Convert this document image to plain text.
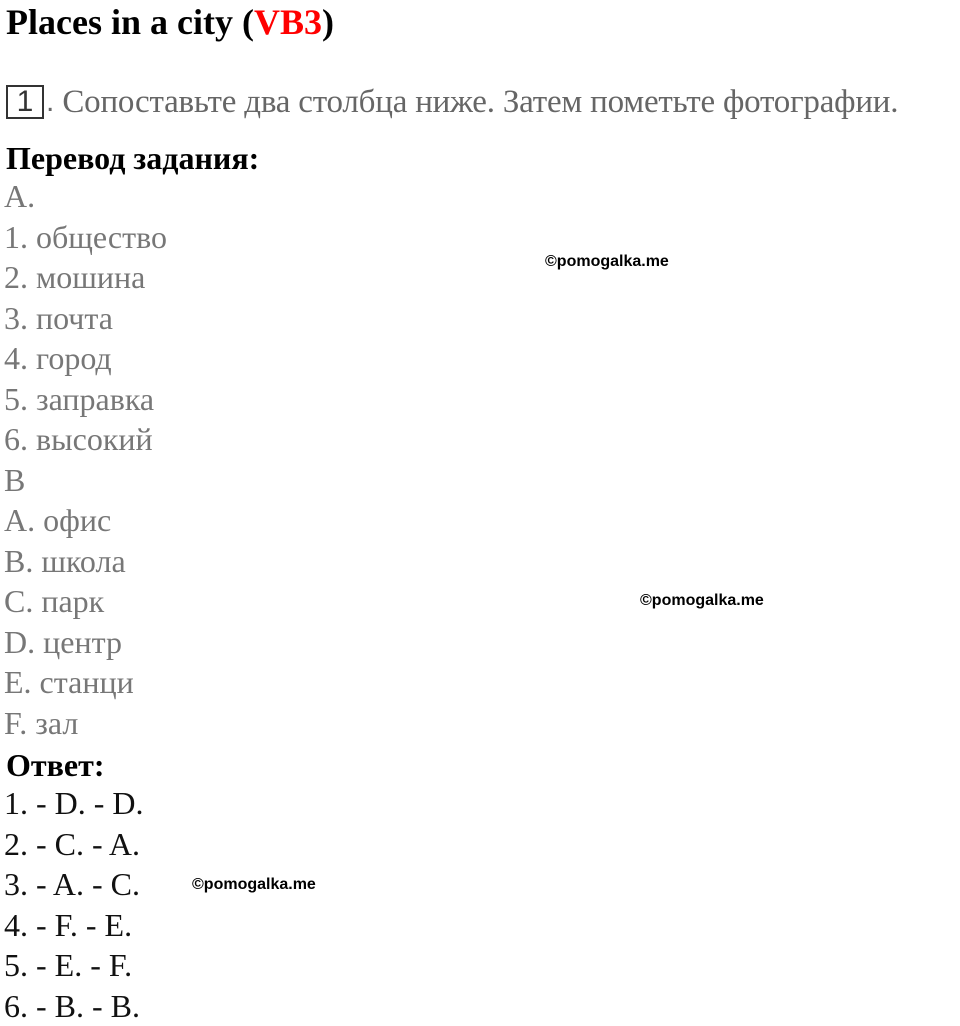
Places in a city (VB3)
1 . Сопоставьте два столбца ниже. Затем пометьте фотографии.
Перевод задания:
A.
1. общество
2. мошина
3. почта
4. город
5. заправка
6. высокий
B
A. офис
B. школа
C. парк
D. центр
E. станци
F. зал
Ответ:
1. - D. - D.
2. - C. - A.
3. - A. - C.
4. - F. - E.
5. - E. - F.
6. - B. - B.
©pomogalka.me
©pomogalka.me
©pomogalka.me
